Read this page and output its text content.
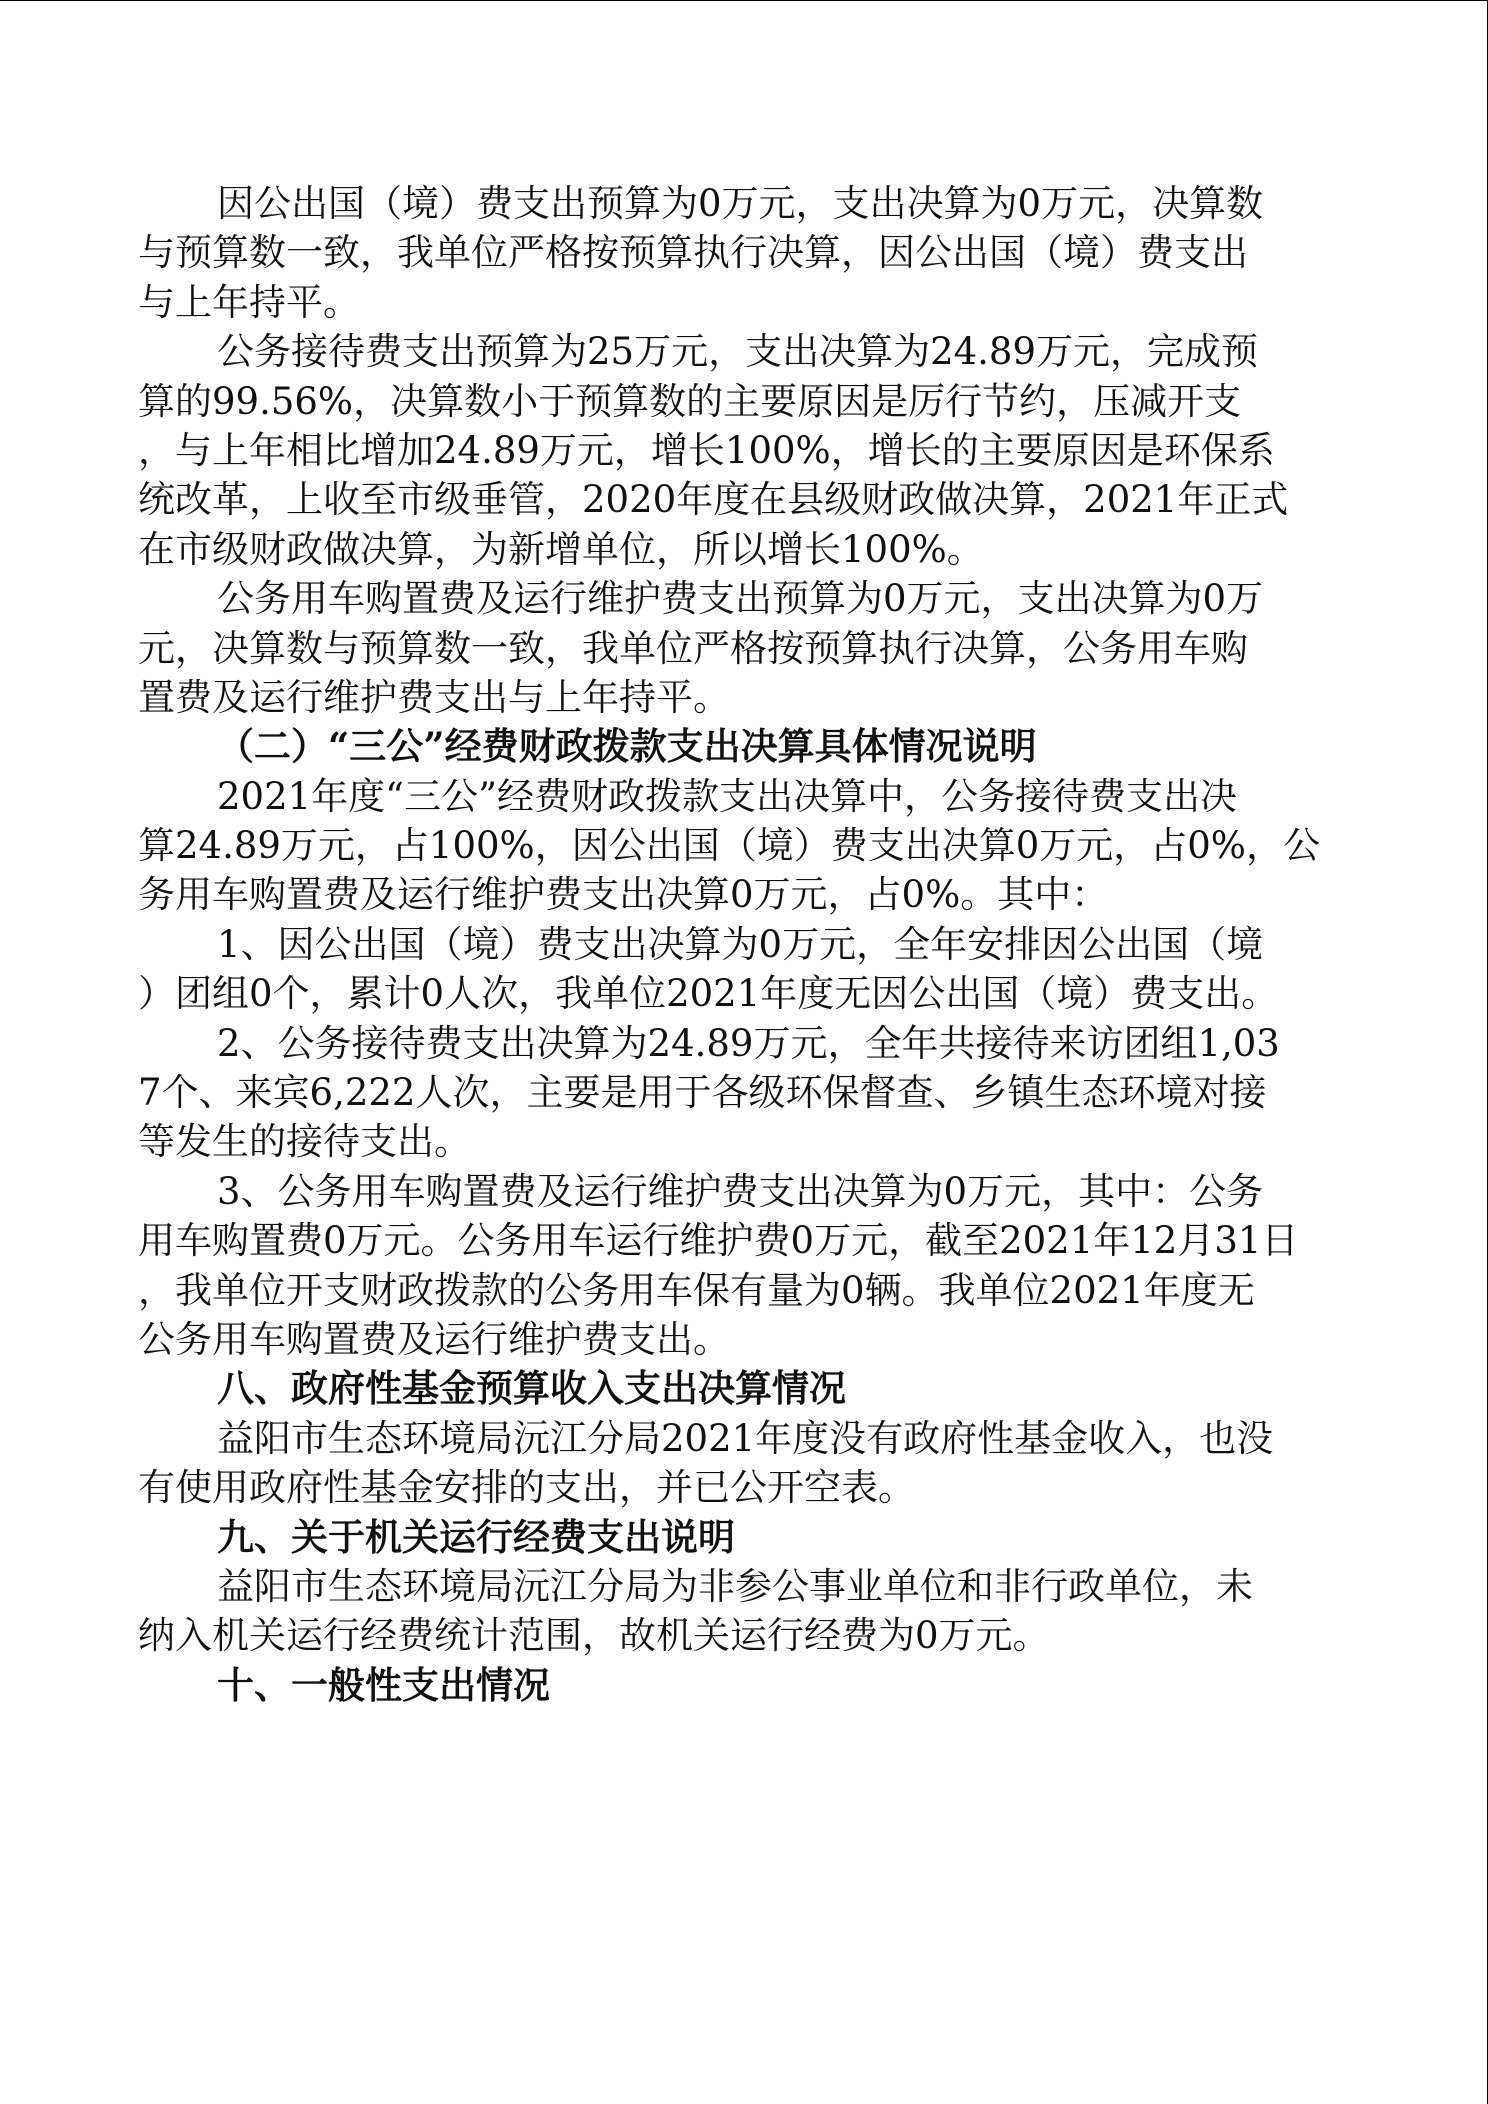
因公出国（境）费支出预算为0万元，支出决算为0万元，决算数
与预算数一致，我单位严格按预算执行决算，因公出国（境）费支出
与上年持平。
公务接待费支出预算为25万元，支出决算为24.89万元，完成预
算的99.56%，决算数小于预算数的主要原因是厉行节约，压减开支
，与上年相比增加24.89万元，增长100%，增长的主要原因是环保系
统改革，上收至市级垂管，2020年度在县级财政做决算，2021年正式
在市级财政做决算，为新增单位，所以增长100%。
公务用车购置费及运行维护费支出预算为0万元，支出决算为0万
元，决算数与预算数一致，我单位严格按预算执行决算，公务用车购
置费及运行维护费支出与上年持平。
（二）“三公”经费财政拨款支出决算具体情况说明
2021年度“三公”经费财政拨款支出决算中，公务接待费支出决
算24.89万元，占100%，因公出国（境）费支出决算0万元，占0%，公
务用车购置费及运行维护费支出决算0万元，占0%。其中：
1、因公出国（境）费支出决算为0万元，全年安排因公出国（境
）团组0个，累计0人次，我单位2021年度无因公出国（境）费支出。
2、公务接待费支出决算为24.89万元，全年共接待来访团组1,03
7个、来宾6,222人次，主要是用于各级环保督查、乡镇生态环境对接
等发生的接待支出。
3、公务用车购置费及运行维护费支出决算为0万元，其中：公务
用车购置费0万元。公务用车运行维护费0万元，截至2021年12月31日
，我单位开支财政拨款的公务用车保有量为0辆。我单位2021年度无
公务用车购置费及运行维护费支出。
八、政府性基金预算收入支出决算情况
益阳市生态环境局沅江分局2021年度没有政府性基金收入，也没
有使用政府性基金安排的支出，并已公开空表。
九、关于机关运行经费支出说明
益阳市生态环境局沅江分局为非参公事业单位和非行政单位，未
纳入机关运行经费统计范围，故机关运行经费为0万元。
十、一般性支出情况
